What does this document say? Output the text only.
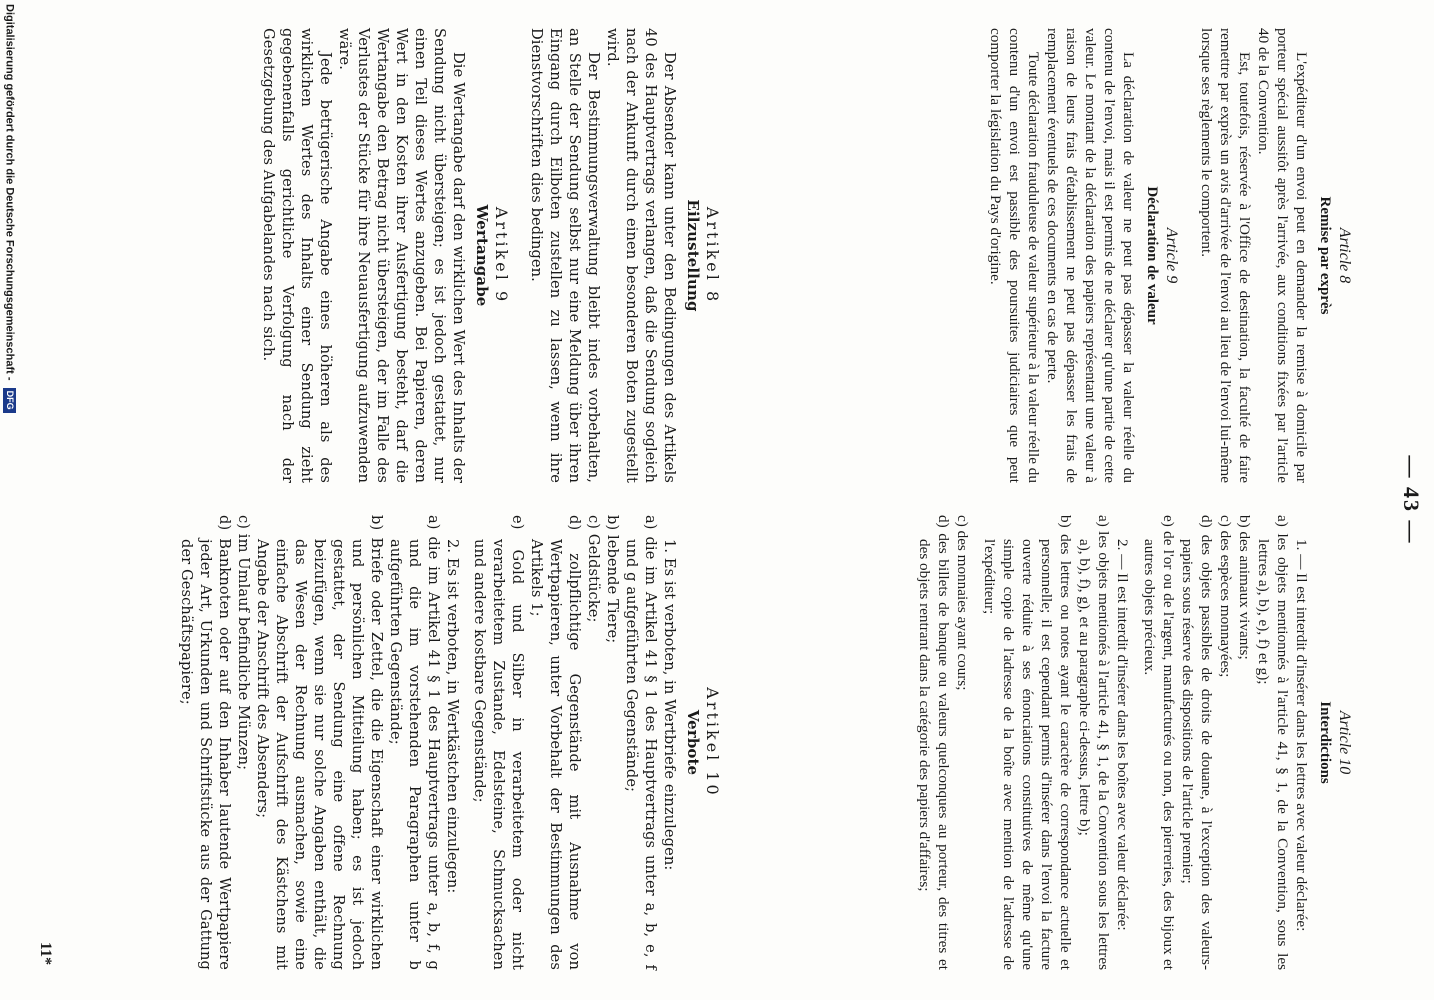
— 43 —

Article 8

Remise par exprès

L'expéditeur d'un envoi peut en demander la remise à domicile par porteur spécial aussitôt après l'arrivée, aux conditions fixées par l'article 40 de la Convention.

Est, toutefois, réservée à l'Office de destination, la faculté de faire remettre par exprès un avis d'arrivée de l'envoi au lieu de l'envoi lui-même lorsque ses règlements le comportent.

Article 9

Déclaration de valeur

La déclaration de valeur ne peut pas dépasser la valeur réelle du contenu de l'envoi, mais il est permis de ne déclarer qu'une partie de cette valeur. Le montant de la déclaration des papiers représentant une valeur à raison de leurs frais d'établissement ne peut pas dépasser les frais de remplacement éventuels de ces documents en cas de perte.

Toute déclaration frauduleuse de valeur supérieure à la valeur réelle du contenu d'un envoi est passible des poursuites judiciaires que peut comporter la législation du Pays d'origine.

Article 10

Interdictions

1. — Il est interdit d'insérer dans les lettres avec valeur déclarée:

a) les objets mentionnés à l'article 41, § 1, de la Convention, sous les lettres a), b), e), f) et g);

b) des animaux vivants;

c) des espèces monnayées;

d) des objets passibles de droits de douane, à l'exception des valeurs-papiers sous réserve des dispositions de l'article premier;

e) de l'or ou de l'argent, manufacturés ou non, des pierreries, des bijoux et autres objets précieux.

2. — Il est interdit d'insérer dans les boîtes avec valeur déclarée:

a) les objets mentionés à l'article 41, § 1, de la Convention sous les lettres a), b), f), g), et au paragraphe ci-dessus, lettre b);

b) des lettres ou notes ayant le caractère de correspondance actuelle et personnelle; il est cependant permis d'insérer dans l'envoi la facture ouverte réduite à ses énonciations constitutives de même qu'une simple copie de l'adresse de la boîte avec mention de l'adresse de l'expéditeur;

c) des monnaies ayant cours;

d) des billets de banque ou valeurs quelconques au porteur, des titres et des objets rentrant dans la catégorie des papiers d'affaires;

Artikel 8

Eilzustellung

Der Absender kann unter den Bedingungen des Artikels 40 des Hauptvertrags verlangen, daß die Sendung sogleich nach der Ankunft durch einen besonderen Boten zugestellt wird.

Der Bestimmungsverwaltung bleibt indes vorbehalten, an Stelle der Sendung selbst nur eine Meldung über ihren Eingang durch Eilboten zustellen zu lassen, wenn ihre Dienstvorschriften dies bedingen.

Artikel 9

Wertangabe

Die Wertangabe darf den wirklichen Wert des Inhalts der Sendung nicht übersteigen; es ist jedoch gestattet, nur einen Teil dieses Wertes anzugeben. Bei Papieren, deren Wert in den Kosten ihrer Ausfertigung besteht, darf die Wertangabe den Betrag nicht übersteigen, der im Falle des Verlustes der Stücke für ihre Neuausfertigung aufzuwenden wäre.

Jede betrügerische Angabe eines höheren als des wirklichen Wertes des Inhalts einer Sendung zieht gegebenenfalls gerichtliche Verfolgung nach der Gesetzgebung des Aufgabelandes nach sich.

Artikel 10

Verbote

1. Es ist verboten, in Wertbriefe einzulegen:

a) die im Artikel 41 § 1 des Hauptvertrags unter a, b, e, f und g aufgeführten Gegenstände;

b) lebende Tiere;

c) Geldstücke;

d) zollpflichtige Gegenstände mit Ausnahme von Wertpapieren, unter Vorbehalt der Bestimmungen des Artikels 1;

e) Gold und Silber in verarbeitetem oder nicht verarbeitetem Zustande, Edelsteine, Schmucksachen und andere kostbare Gegenstände;

2. Es ist verboten, in Wertkästchen einzulegen:

a) die im Artikel 41 § 1 des Hauptvertrags unter a, b, f, g und die im vorstehenden Paragraphen unter b aufgeführten Gegenstände;

b) Briefe oder Zettel, die die Eigenschaft einer wirklichen und persönlichen Mitteilung haben; es ist jedoch gestattet, der Sendung eine offene Rechnung beizufügen, wenn sie nur solche Angaben enthält, die das Wesen der Rechnung ausmachen, sowie eine einfache Abschrift der Aufschrift des Kästchens mit Angabe der Anschrift des Absenders;

c) im Umlauf befindliche Münzen;

d) Banknoten oder auf den Inhaber lautende Wertpapiere jeder Art, Urkunden und Schriftstücke aus der Gattung der Geschäftspapiere;

11*
Digitalisierung gefördert durch die Deutsche Forschungsgemeinschaft - DFG
